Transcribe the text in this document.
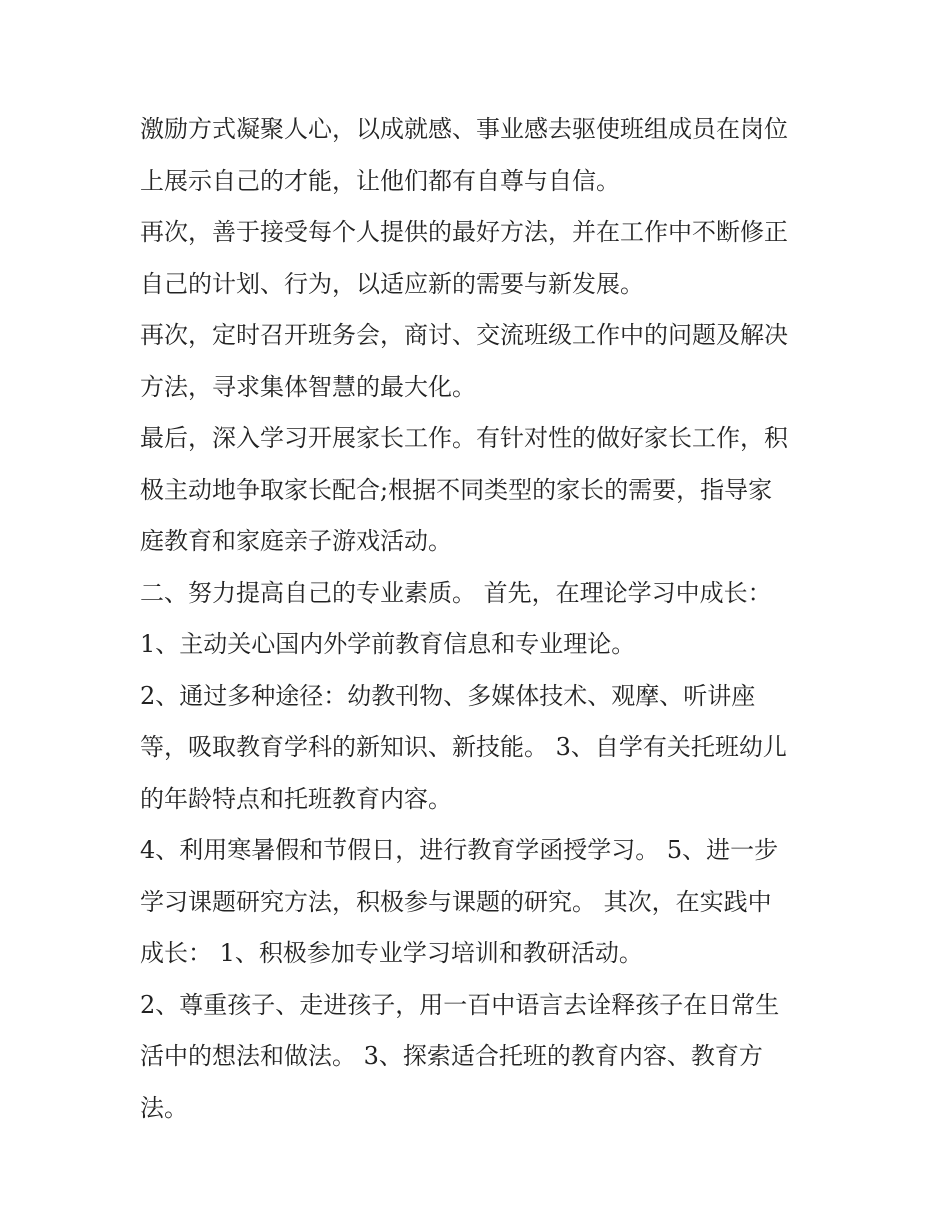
激励方式凝聚人心，以成就感、事业感去驱使班组成员在岗位
上展示自己的才能，让他们都有自尊与自信。
再次，善于接受每个人提供的最好方法，并在工作中不断修正
自己的计划、行为，以适应新的需要与新发展。
再次，定时召开班务会，商讨、交流班级工作中的问题及解决
方法，寻求集体智慧的最大化。
最后，深入学习开展家长工作。有针对性的做好家长工作，积
极主动地争取家长配合;根据不同类型的家长的需要，指导家
庭教育和家庭亲子游戏活动。
二、努力提高自己的专业素质。 首先，在理论学习中成长：
1、主动关心国内外学前教育信息和专业理论。
2、通过多种途径：幼教刊物、多媒体技术、观摩、听讲座
等，吸取教育学科的新知识、新技能。 3、自学有关托班幼儿
的年龄特点和托班教育内容。
4、利用寒暑假和节假日，进行教育学函授学习。 5、进一步
学习课题研究方法，积极参与课题的研究。 其次，在实践中
成长： 1、积极参加专业学习培训和教研活动。
2、尊重孩子、走进孩子，用一百中语言去诠释孩子在日常生
活中的想法和做法。 3、探索适合托班的教育内容、教育方
法。
